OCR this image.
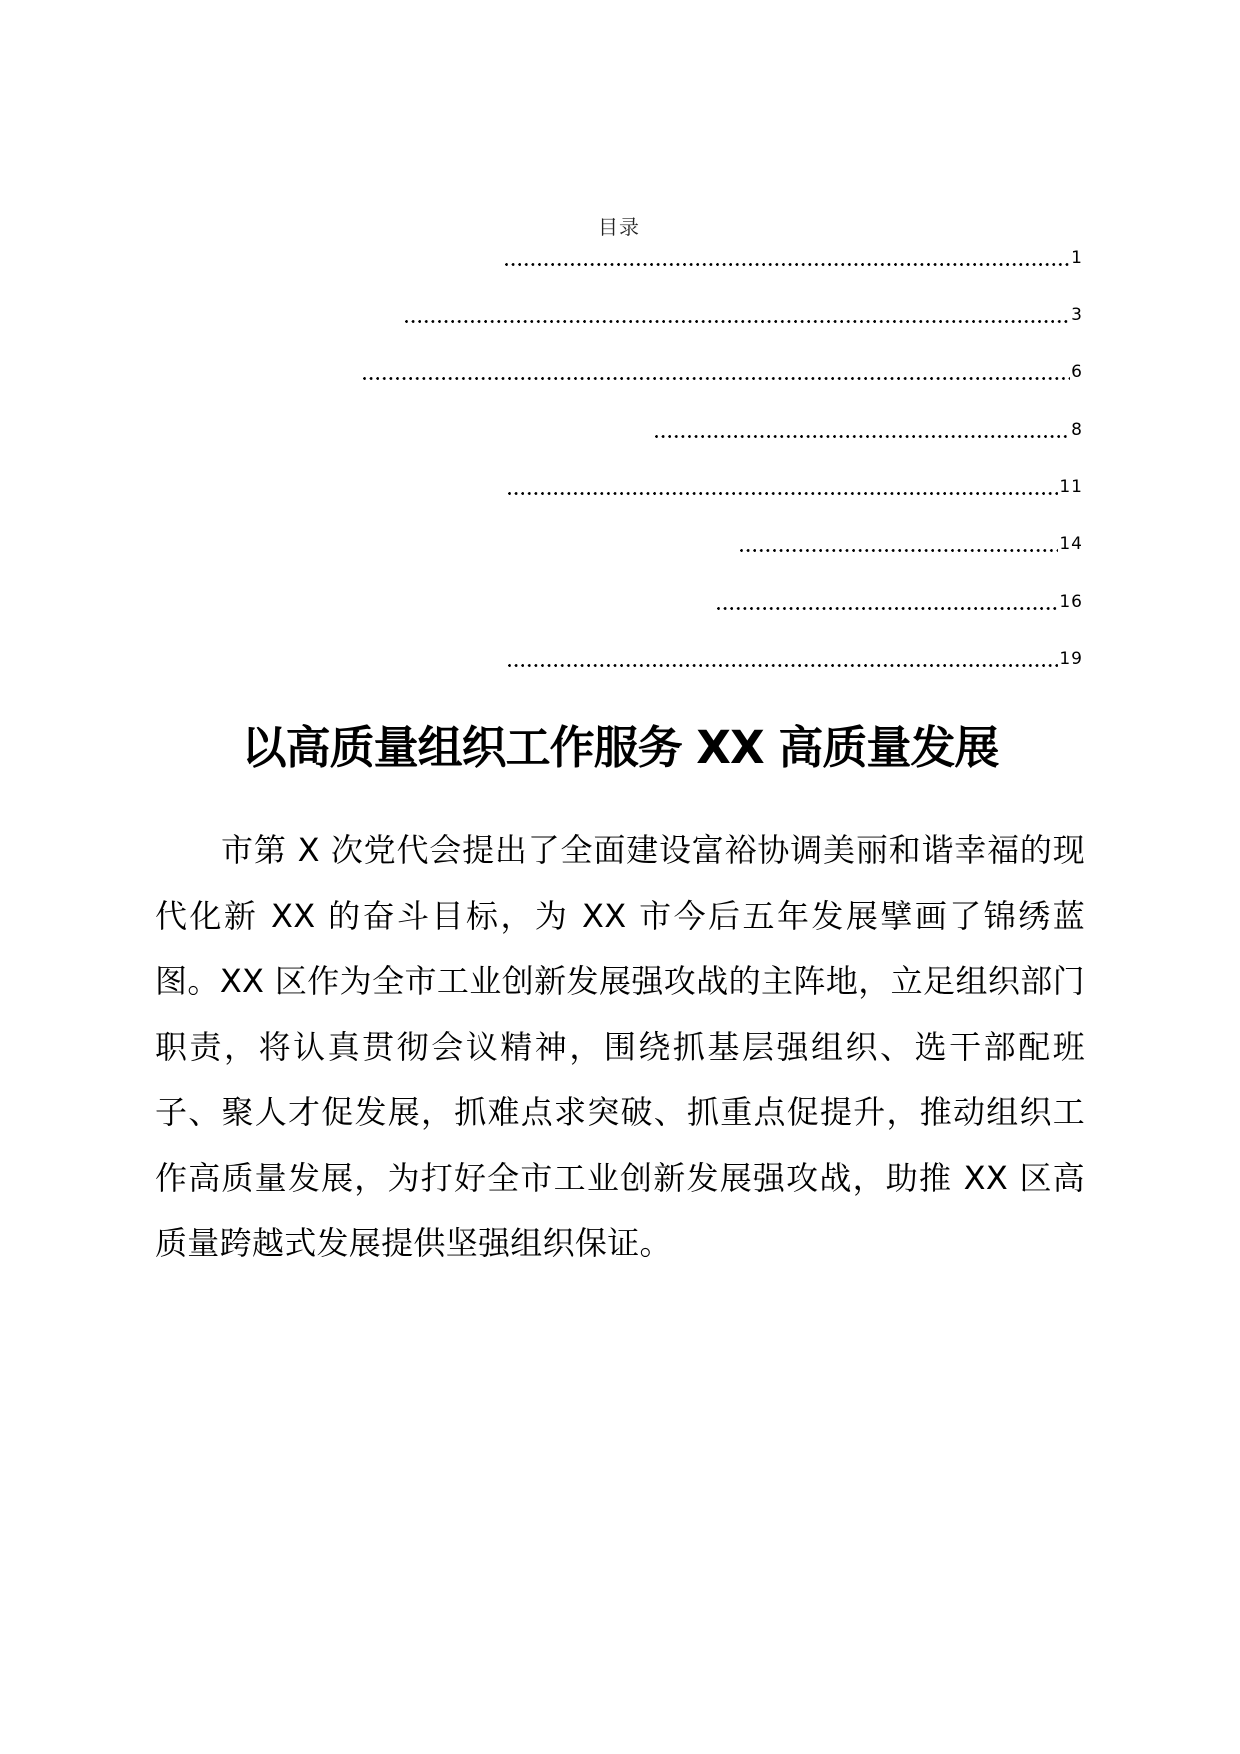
目录
1
3
6
8
11
14
16
19
以高质量组织工作服务 XX 高质量发展

市第 X 次党代会提出了全面建设富裕协调美丽和谐幸福的现代化新 XX 的奋斗目标，为 XX 市今后五年发展擘画了锦绣蓝图。XX 区作为全市工业创新发展强攻战的主阵地，立足组织部门职责，将认真贯彻会议精神，围绕抓基层强组织、选干部配班子、聚人才促发展，抓难点求突破、抓重点促提升，推动组织工作高质量发展，为打好全市工业创新发展强攻战，助推 XX 区高质量跨越式发展提供坚强组织保证。
